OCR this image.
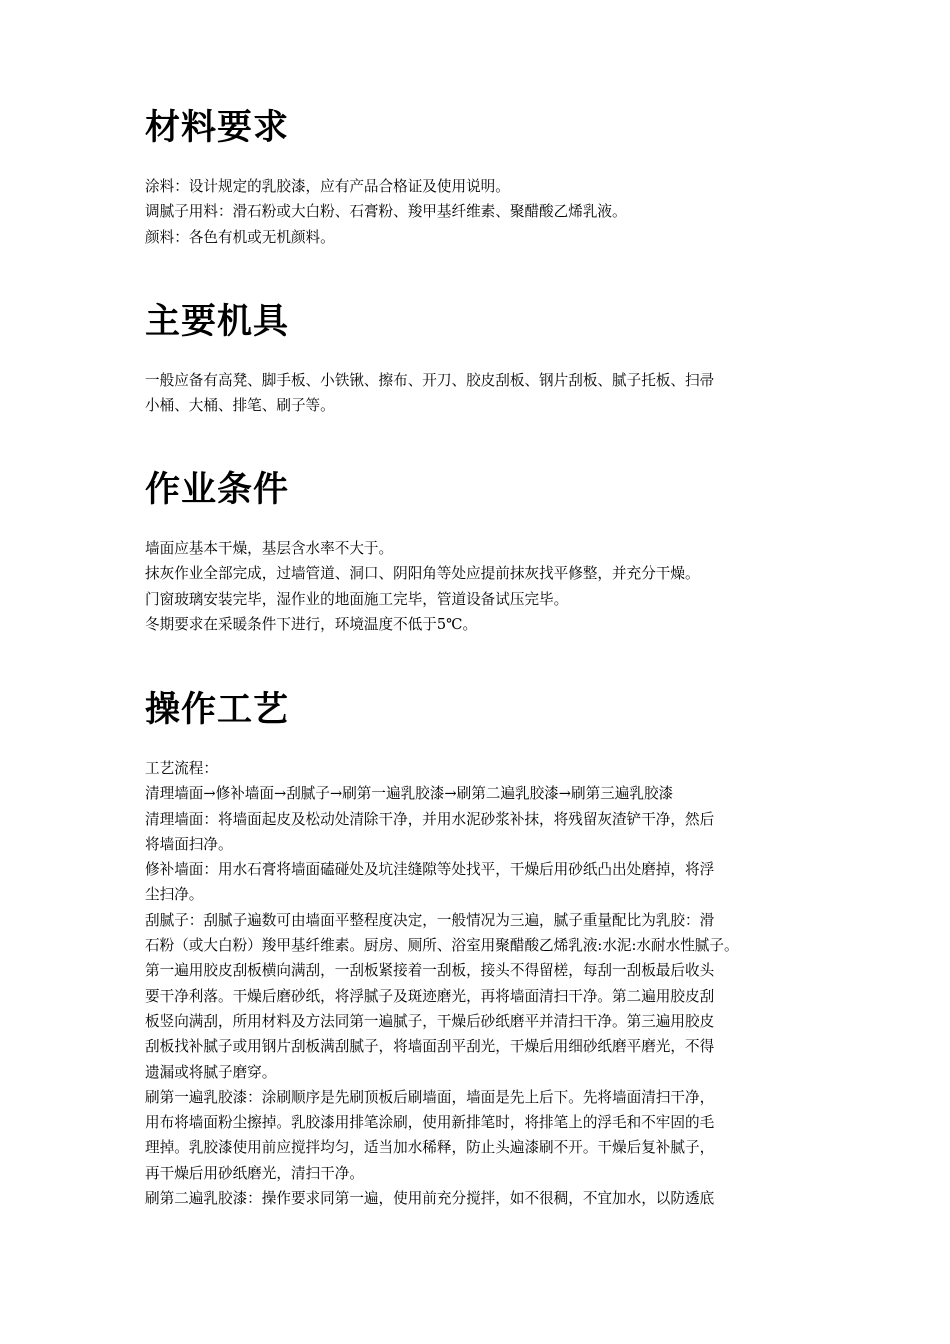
材料要求
涂料：设计规定的乳胶漆，应有产品合格证及使用说明。
调腻子用料：滑石粉或大白粉、石膏粉、羧甲基纤维素、聚醋酸乙烯乳液。
颜料：各色有机或无机颜料。
主要机具
一般应备有高凳、脚手板、小铁锹、擦布、开刀、胶皮刮板、钢片刮板、腻子托板、扫帚
小桶、大桶、排笔、刷子等。
作业条件
墙面应基本干燥，基层含水率不大于。
抹灰作业全部完成，过墙管道、洞口、阴阳角等处应提前抹灰找平修整，并充分干燥。
门窗玻璃安装完毕，湿作业的地面施工完毕，管道设备试压完毕。
冬期要求在采暖条件下进行，环境温度不低于5℃。
操作工艺
工艺流程：
清理墙面→修补墙面→刮腻子→刷第一遍乳胶漆→刷第二遍乳胶漆→刷第三遍乳胶漆
清理墙面：将墙面起皮及松动处清除干净，并用水泥砂浆补抹，将残留灰渣铲干净，然后
将墙面扫净。
修补墙面：用水石膏将墙面磕碰处及坑洼缝隙等处找平，干燥后用砂纸凸出处磨掉，将浮
尘扫净。
刮腻子：刮腻子遍数可由墙面平整程度决定，一般情况为三遍，腻子重量配比为乳胶：滑
石粉（或大白粉）羧甲基纤维素。厨房、厕所、浴室用聚醋酸乙烯乳液:水泥:水耐水性腻子。
第一遍用胶皮刮板横向满刮，一刮板紧接着一刮板，接头不得留槎，每刮一刮板最后收头
要干净利落。干燥后磨砂纸，将浮腻子及斑迹磨光，再将墙面清扫干净。第二遍用胶皮刮
板竖向满刮，所用材料及方法同第一遍腻子，干燥后砂纸磨平并清扫干净。第三遍用胶皮
刮板找补腻子或用钢片刮板满刮腻子，将墙面刮平刮光，干燥后用细砂纸磨平磨光，不得
遗漏或将腻子磨穿。
刷第一遍乳胶漆：涂刷顺序是先刷顶板后刷墙面，墙面是先上后下。先将墙面清扫干净，
用布将墙面粉尘擦掉。乳胶漆用排笔涂刷，使用新排笔时，将排笔上的浮毛和不牢固的毛
理掉。乳胶漆使用前应搅拌均匀，适当加水稀释，防止头遍漆刷不开。干燥后复补腻子，
再干燥后用砂纸磨光，清扫干净。
刷第二遍乳胶漆：操作要求同第一遍，使用前充分搅拌，如不很稠，不宜加水，以防透底
